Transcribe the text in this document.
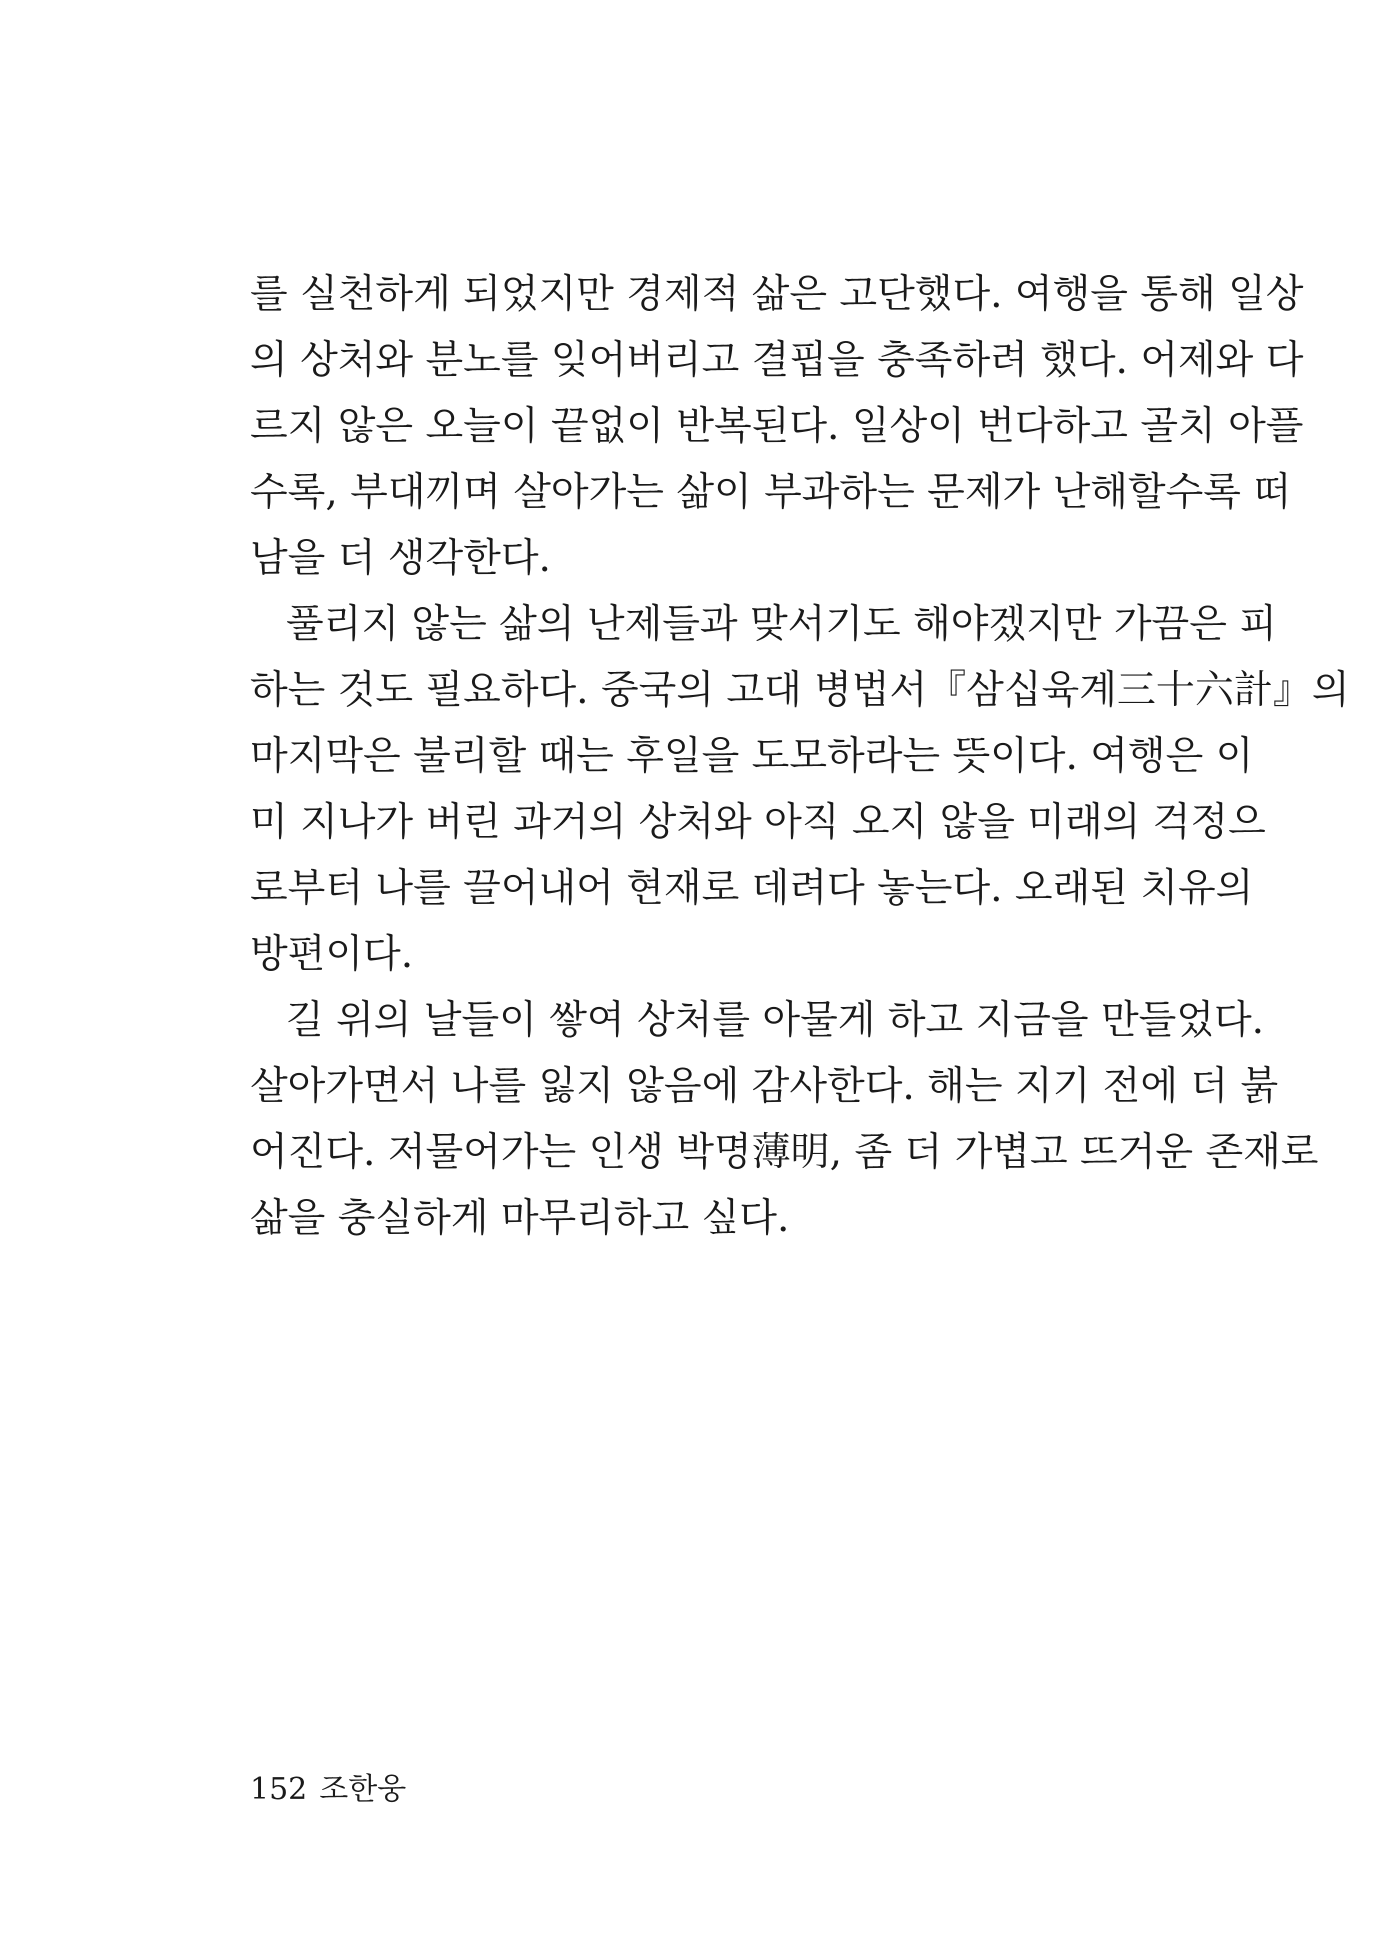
를 실천하게 되었지만 경제적 삶은 고단했다. 여행을 통해 일상
의 상처와 분노를 잊어버리고 결핍을 충족하려 했다. 어제와 다
르지 않은 오늘이 끝없이 반복된다. 일상이 번다하고 골치 아플
수록, 부대끼며 살아가는 삶이 부과하는 문제가 난해할수록 떠
남을 더 생각한다.
풀리지 않는 삶의 난제들과 맞서기도 해야겠지만 가끔은 피
하는 것도 필요하다. 중국의 고대 병법서『삼십육계三十六計』의
마지막은 불리할 때는 후일을 도모하라는 뜻이다. 여행은 이
미 지나가 버린 과거의 상처와 아직 오지 않을 미래의 걱정으
로부터 나를 끌어내어 현재로 데려다 놓는다. 오래된 치유의
방편이다.
길 위의 날들이 쌓여 상처를 아물게 하고 지금을 만들었다.
살아가면서 나를 잃지 않음에 감사한다. 해는 지기 전에 더 붉
어진다. 저물어가는 인생 박명薄明, 좀 더 가볍고 뜨거운 존재로
삶을 충실하게 마무리하고 싶다.
152 조한웅
